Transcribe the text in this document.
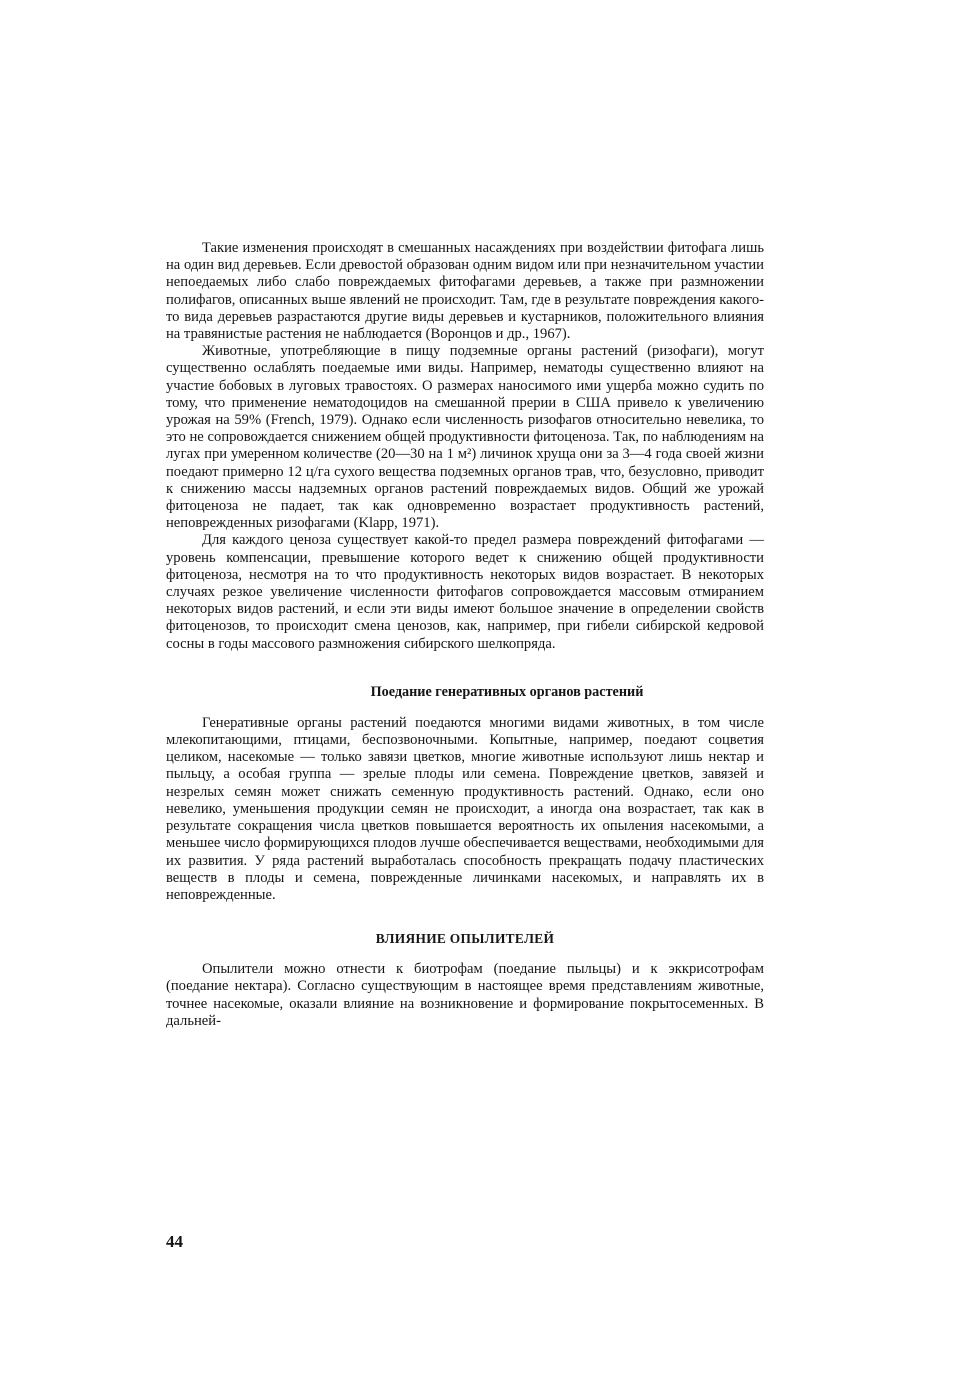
Такие изменения происходят в смешанных насаждениях при воздействии фитофага лишь на один вид деревьев. Если древостой образован одним видом или при незначительном участии непоедаемых либо слабо повреждаемых фитофагами деревьев, а также при размножении полифагов, описанных выше явлений не происходит. Там, где в результате повреждения какого-то вида деревьев разрастаются другие виды деревьев и кустарников, положительного влияния на травянистые растения не наблюдается (Воронцов и др., 1967).

Животные, употребляющие в пищу подземные органы растений (ризофаги), могут существенно ослаблять поедаемые ими виды. Например, нематоды существенно влияют на участие бобовых в луговых травостоях. О размерах наносимого ими ущерба можно судить по тому, что применение нематодоцидов на смешанной прерии в США привело к увеличению урожая на 59% (French, 1979). Однако если численность ризофагов относительно невелика, то это не сопровождается снижением общей продуктивности фитоценоза. Так, по наблюдениям на лугах при умеренном количестве (20—30 на 1 м²) личинок хруща они за 3—4 года своей жизни поедают примерно 12 ц/га сухого вещества подземных органов трав, что, безусловно, приводит к снижению массы надземных органов растений повреждаемых видов. Общий же урожай фитоценоза не падает, так как одновременно возрастает продуктивность растений, неповрежденных ризофагами (Klapp, 1971).

Для каждого ценоза существует какой-то предел размера повреждений фитофагами — уровень компенсации, превышение которого ведет к снижению общей продуктивности фитоценоза, несмотря на то что продуктивность некоторых видов возрастает. В некоторых случаях резкое увеличение численности фитофагов сопровождается массовым отмиранием некоторых видов растений, и если эти виды имеют большое значение в определении свойств фитоценозов, то происходит смена ценозов, как, например, при гибели сибирской кедровой сосны в годы массового размножения сибирского шелкопряда.

Поедание генеративных органов растений

Генеративные органы растений поедаются многими видами животных, в том числе млекопитающими, птицами, беспозвоночными. Копытные, например, поедают соцветия целиком, насекомые — только завязи цветков, многие животные используют лишь нектар и пыльцу, а особая группа — зрелые плоды или семена. Повреждение цветков, завязей и незрелых семян может снижать семенную продуктивность растений. Однако, если оно невелико, уменьшения продукции семян не происходит, а иногда она возрастает, так как в результате сокращения числа цветков повышается вероятность их опыления насекомыми, а меньшее число формирующихся плодов лучше обеспечивается веществами, необходимыми для их развития. У ряда растений выработалась способность прекращать подачу пластических веществ в плоды и семена, поврежденные личинками насекомых, и направлять их в неповрежденные.

ВЛИЯНИЕ ОПЫЛИТЕЛЕЙ

Опылители можно отнести к биотрофам (поедание пыльцы) и к эккрисотрофам (поедание нектара). Согласно существующим в настоящее время представлениям животные, точнее насекомые, оказали влияние на возникновение и формирование покрытосеменных. В дальней-

44
